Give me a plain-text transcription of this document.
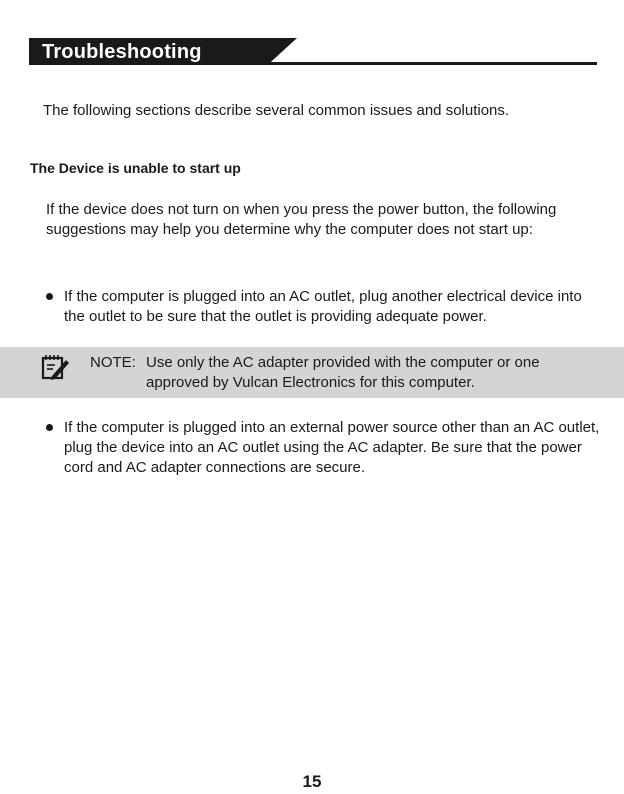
Troubleshooting
The following sections describe several common issues and solutions.
The Device is unable to start up
If the device does not turn on when you press the power button, the following suggestions may help you determine why the computer does not start up:
If the computer is plugged into an AC outlet, plug another electrical device into the outlet to be sure that the outlet is providing adequate power.
NOTE: Use only the AC adapter provided with the computer or one approved by Vulcan Electronics for this computer.
If the computer is plugged into an external power source other than an AC outlet, plug the device into an AC outlet using the AC adapter. Be sure that the power cord and AC adapter connections are secure.
15
